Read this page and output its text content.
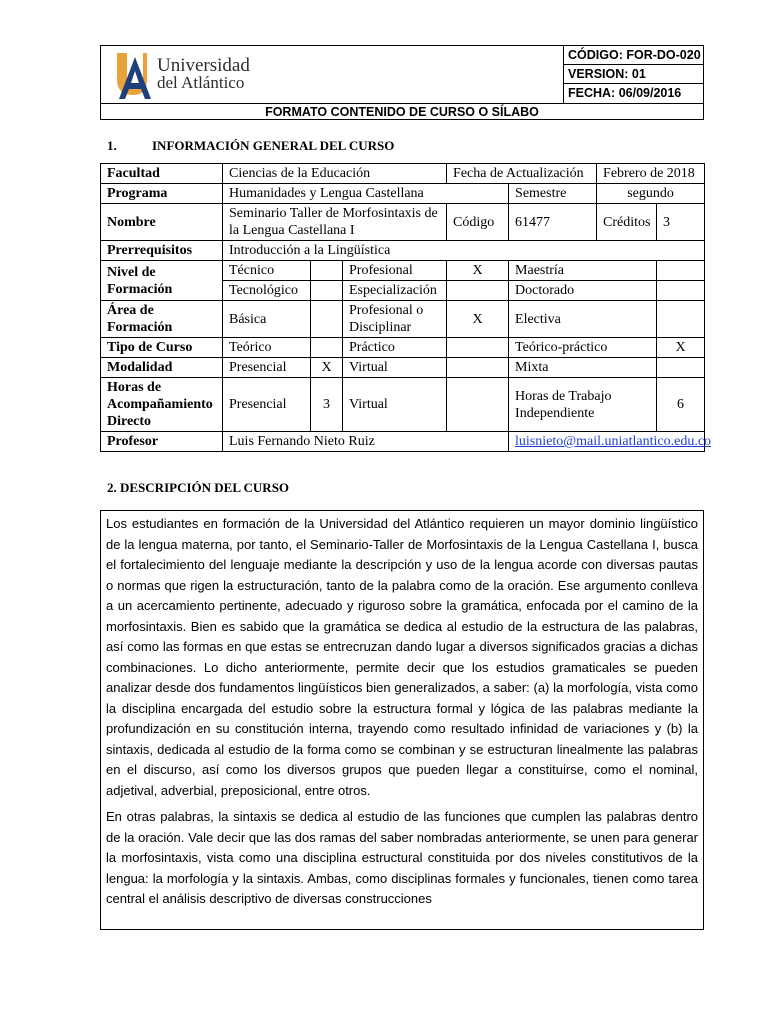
Universidad
del Atlántico
CÓDIGO: FOR-DO-020
VERSION: 01
FECHA: 06/09/2016
FORMATO CONTENIDO DE CURSO O SÍLABO
1.	INFORMACIÓN GENERAL DEL CURSO
Facultad	Ciencias de la Educación			Fecha de Actualización		Febrero de 2018	
Programa	Humanidades y Lengua Castellana				Semestre	segundo	
Nombre	Seminario Taller de Morfosintaxis de la Lengua Castellana I			Código	61477	Créditos	3
Prerrequisitos	Introducción a la Lingüística						
Nivel de Formación	Técnico		Profesional	X	Maestría		
	Tecnológico		Especialización		Doctorado		
Área de Formación	Básica		Profesional o Disciplinar	X	Electiva		
Tipo de Curso	Teórico		Práctico		Teórico-práctico		X
Modalidad	Presencial	X	Virtual		Mixta		
Horas de Acompañamiento Directo	Presencial	3	Virtual		Horas de Trabajo Independiente		6
Profesor	Luis Fernando Nieto Ruiz				luisnieto@mail.uniatlantico.edu.co		
2. DESCRIPCIÓN DEL CURSO

Los estudiantes en formación de la Universidad del Atlántico requieren un mayor dominio lingüístico de la lengua materna, por tanto, el Seminario-Taller de Morfosintaxis de la Lengua Castellana I, busca el fortalecimiento del lenguaje mediante la descripción y uso de la lengua acorde con diversas pautas o normas que rigen la estructuración, tanto de la palabra como de la oración. Ese argumento conlleva a un acercamiento pertinente, adecuado y riguroso sobre la gramática, enfocada por el camino de la morfosintaxis. Bien es sabido que la gramática se dedica al estudio de la estructura de las palabras, así como las formas en que estas se entrecruzan dando lugar a diversos significados gracias a dichas combinaciones. Lo dicho anteriormente, permite decir que los estudios gramaticales se pueden analizar desde dos fundamentos lingüísticos bien generalizados, a saber: (a) la morfología, vista como la disciplina encargada del estudio sobre la estructura formal y lógica de las palabras mediante la profundización en su constitución interna, trayendo como resultado infinidad de variaciones y (b) la sintaxis, dedicada al estudio de la forma como se combinan y se estructuran linealmente las palabras en el discurso, así como los diversos grupos que pueden llegar a constituirse, como el nominal, adjetival, adverbial, preposicional, entre otros.

En otras palabras, la sintaxis se dedica al estudio de las funciones que cumplen las palabras dentro de la oración. Vale decir que las dos ramas del saber nombradas anteriormente, se unen para generar la morfosintaxis, vista como una disciplina estructural constituida por dos niveles constitutivos de la lengua: la morfología y la sintaxis. Ambas, como disciplinas formales y funcionales, tienen como tarea central el análisis descriptivo de diversas construcciones
